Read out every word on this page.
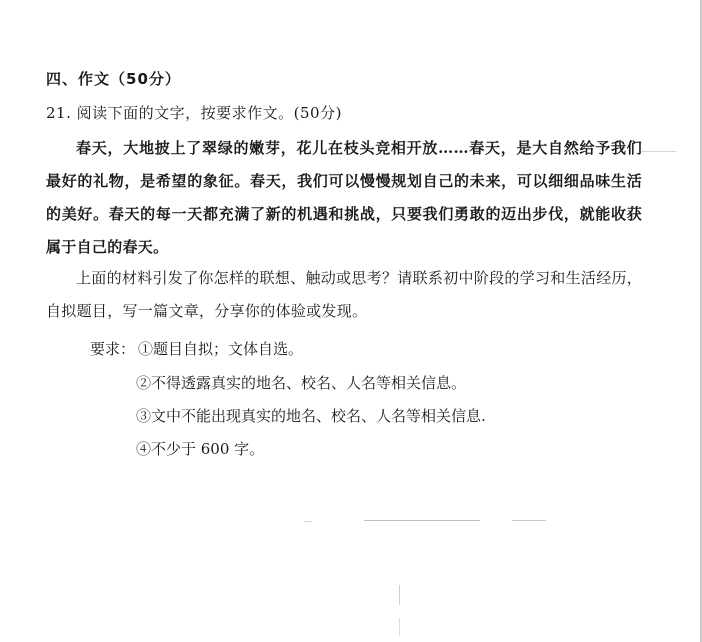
四、作文（50分）
21. 阅读下面的文字，按要求作文。(50分)
春天，大地披上了翠绿的嫩芽，花儿在枝头竞相开放……春天，是大自然给予我们最好的礼物，是希望的象征。春天，我们可以慢慢规划自己的未来，可以细细品味生活的美好。春天的每一天都充满了新的机遇和挑战，只要我们勇敢的迈出步伐，就能收获属于自己的春天。
上面的材料引发了你怎样的联想、触动或思考？请联系初中阶段的学习和生活经历，自拟题目，写一篇文章，分享你的体验或发现。
要求： ①题目自拟；文体自选。
②不得透露真实的地名、校名、人名等相关信息。
③文中不能出现真实的地名、校名、人名等相关信息.
④不少于 600 字。
